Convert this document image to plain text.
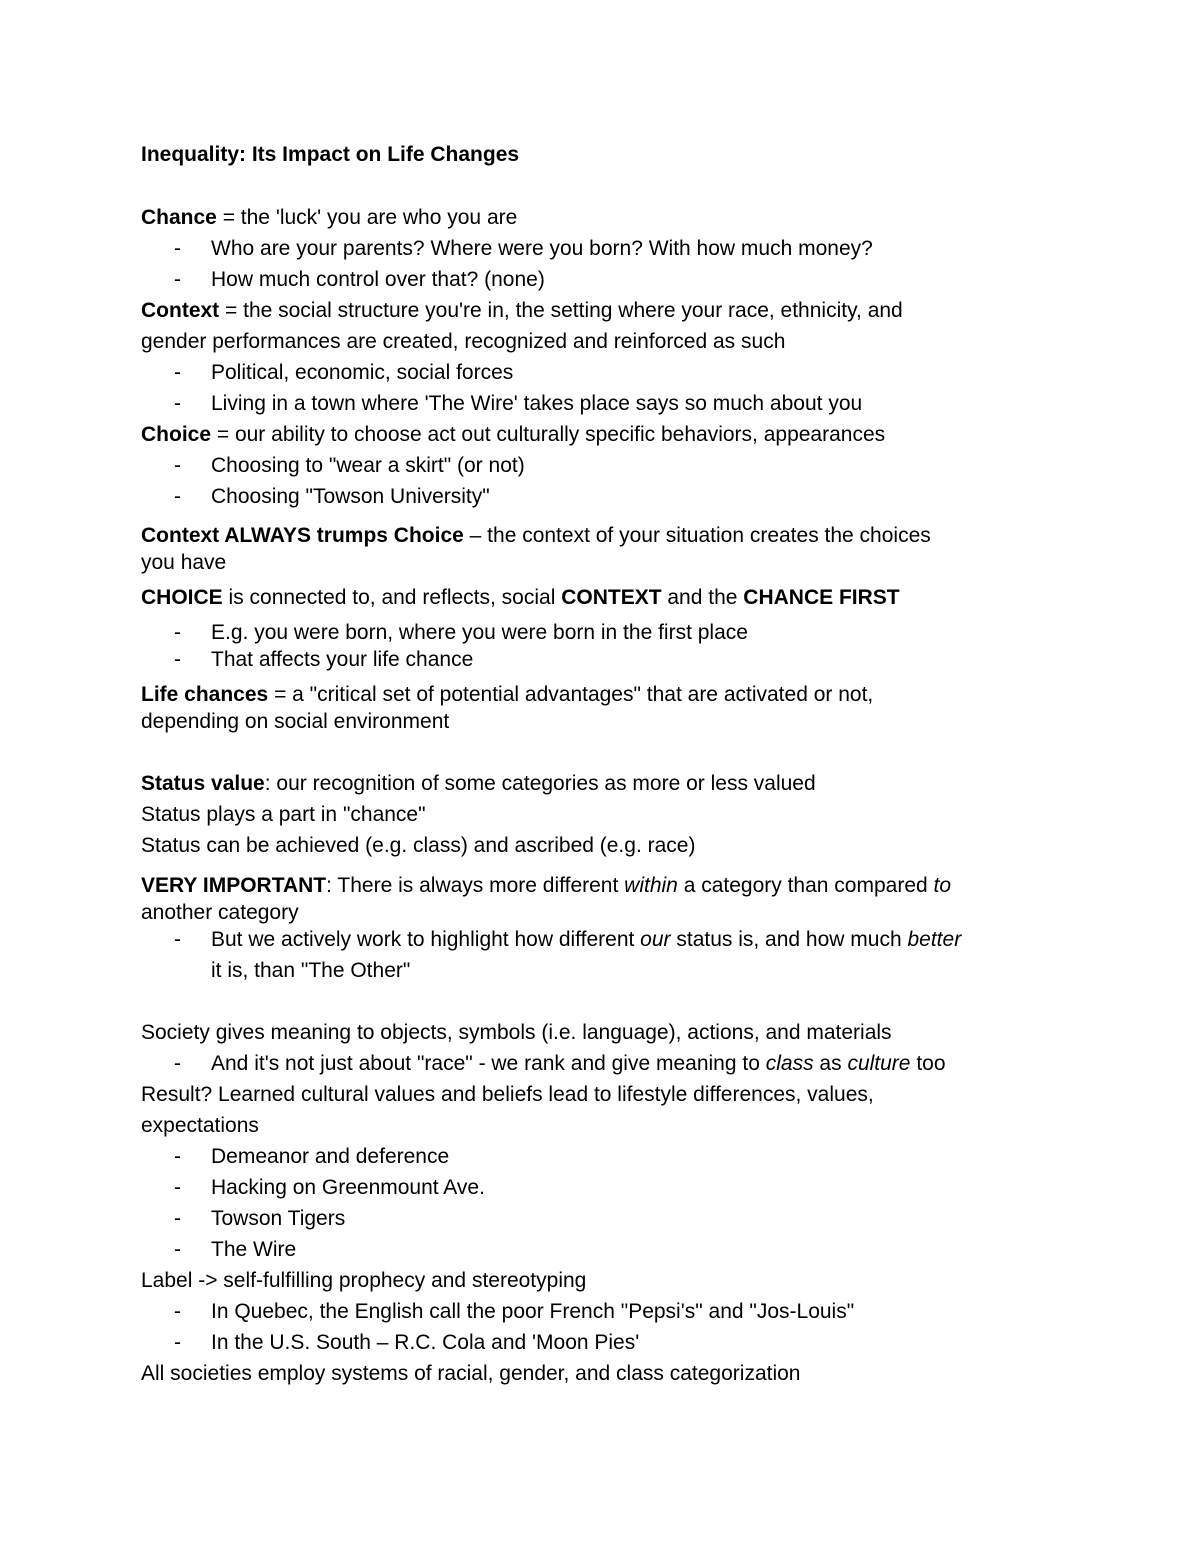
Inequality: Its Impact on Life Changes
Chance = the 'luck' you are who you are
- Who are your parents? Where were you born? With how much money?
- How much control over that? (none)
Context = the social structure you're in, the setting where your race, ethnicity, and
gender performances are created, recognized and reinforced as such
- Political, economic, social forces
- Living in a town where 'The Wire' takes place says so much about you
Choice = our ability to choose act out culturally specific behaviors, appearances
- Choosing to "wear a skirt" (or not)
- Choosing "Towson University"
Context ALWAYS trumps Choice – the context of your situation creates the choices
you have
CHOICE is connected to, and reflects, social CONTEXT and the CHANCE FIRST
- E.g. you were born, where you were born in the first place
- That affects your life chance
Life chances = a "critical set of potential advantages" that are activated or not,
depending on social environment
Status value: our recognition of some categories as more or less valued
Status plays a part in "chance"
Status can be achieved (e.g. class) and ascribed (e.g. race)
VERY IMPORTANT: There is always more different within a category than compared to
another category
- But we actively work to highlight how different our status is, and how much better
it is, than "The Other"
Society gives meaning to objects, symbols (i.e. language), actions, and materials
- And it's not just about "race" - we rank and give meaning to class as culture too
Result? Learned cultural values and beliefs lead to lifestyle differences, values,
expectations
- Demeanor and deference
- Hacking on Greenmount Ave.
- Towson Tigers
- The Wire
Label -> self-fulfilling prophecy and stereotyping
- In Quebec, the English call the poor French "Pepsi's" and "Jos-Louis"
- In the U.S. South – R.C. Cola and 'Moon Pies'
All societies employ systems of racial, gender, and class categorization
